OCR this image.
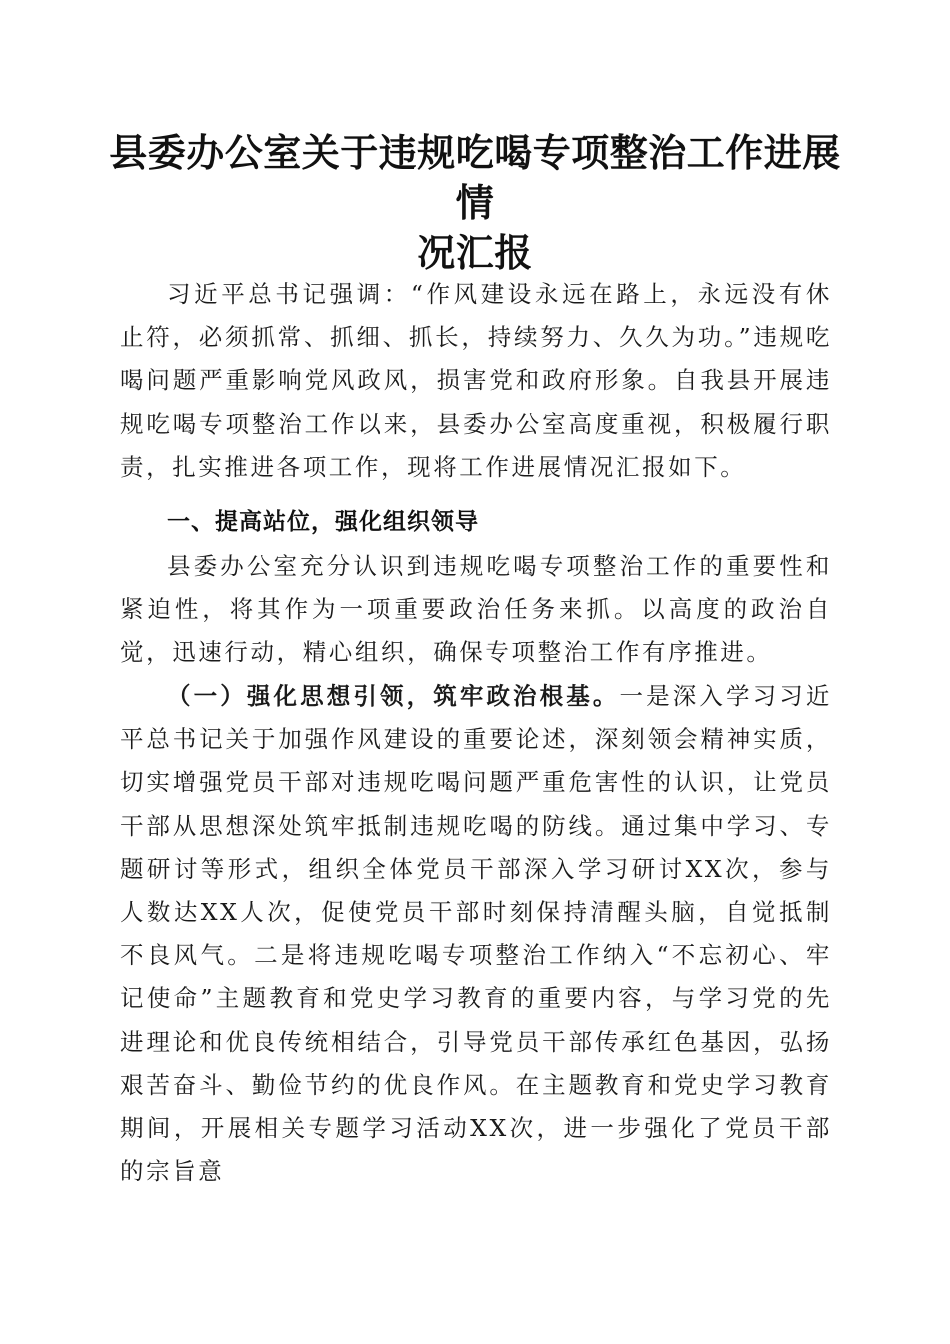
县委办公室关于违规吃喝专项整治工作进展情
况汇报

习近平总书记强调：“作风建设永远在路上，永远没有休止符，必须抓常、抓细、抓长，持续努力、久久为功。”违规吃喝问题严重影响党风政风，损害党和政府形象。自我县开展违规吃喝专项整治工作以来，县委办公室高度重视，积极履行职责，扎实推进各项工作，现将工作进展情况汇报如下。

一、提高站位，强化组织领导

县委办公室充分认识到违规吃喝专项整治工作的重要性和紧迫性，将其作为一项重要政治任务来抓。以高度的政治自觉，迅速行动，精心组织，确保专项整治工作有序推进。

（一）强化思想引领，筑牢政治根基。一是深入学习习近平总书记关于加强作风建设的重要论述，深刻领会精神实质，切实增强党员干部对违规吃喝问题严重危害性的认识，让党员干部从思想深处筑牢抵制违规吃喝的防线。通过集中学习、专题研讨等形式，组织全体党员干部深入学习研讨XX次，参与人数达XX人次，促使党员干部时刻保持清醒头脑，自觉抵制不良风气。二是将违规吃喝专项整治工作纳入“不忘初心、牢记使命”主题教育和党史学习教育的重要内容，与学习党的先进理论和优良传统相结合，引导党员干部传承红色基因，弘扬艰苦奋斗、勤俭节约的优良作风。在主题教育和党史学习教育期间，开展相关专题学习活动XX次，进一步强化了党员干部的宗旨意
